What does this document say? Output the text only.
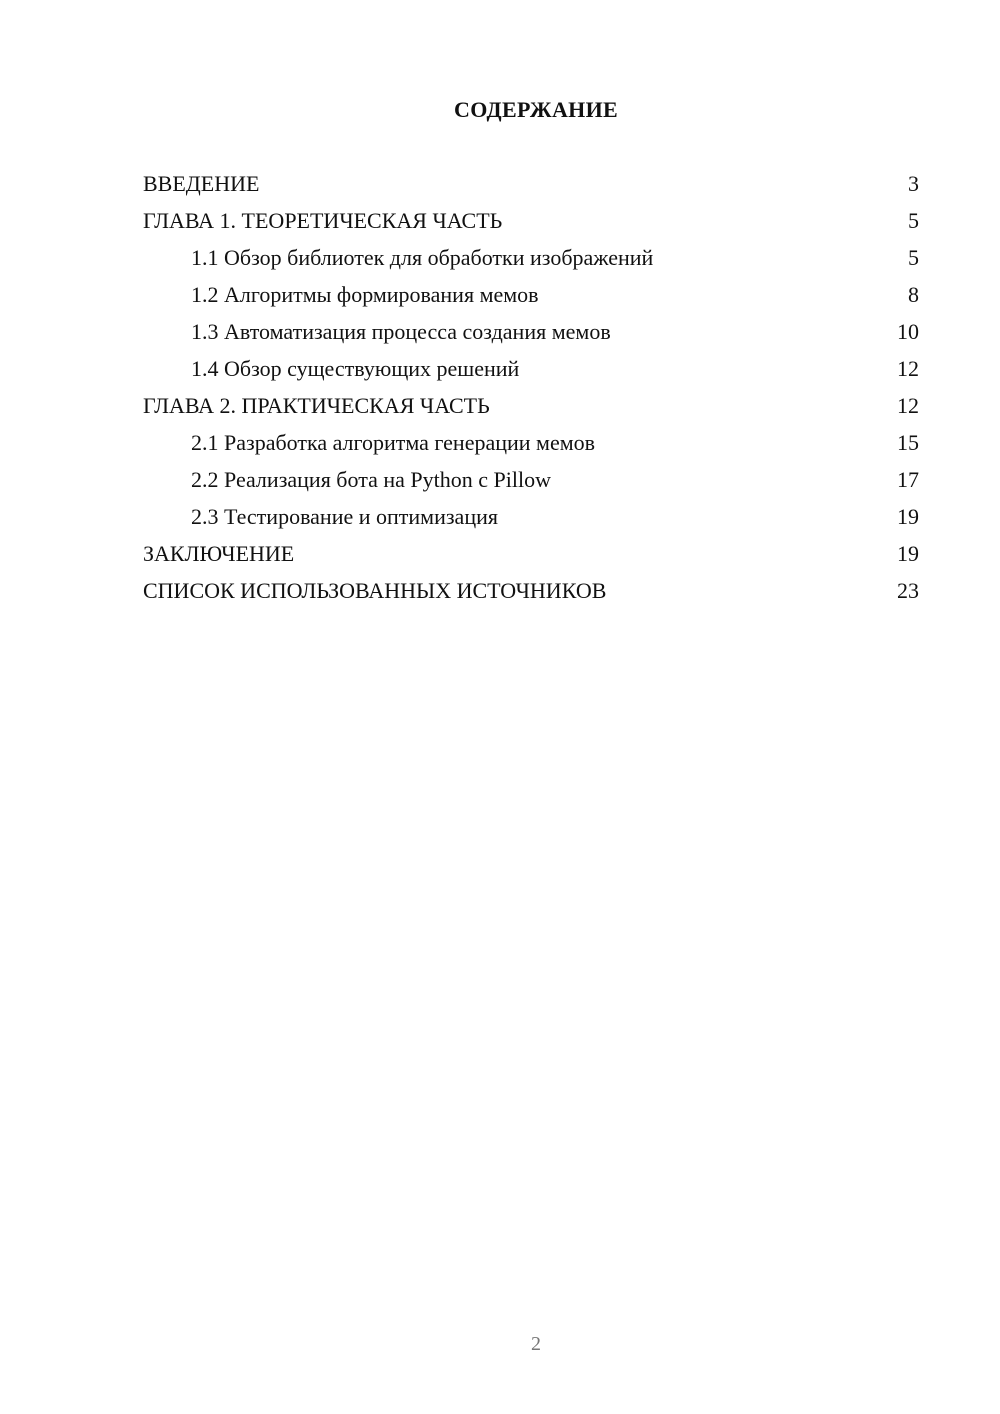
СОДЕРЖАНИЕ
ВВЕДЕНИЕ	3
ГЛАВА 1. ТЕОРЕТИЧЕСКАЯ ЧАСТЬ	5
1.1 Обзор библиотек для обработки изображений	5
1.2 Алгоритмы формирования мемов	8
1.3 Автоматизация процесса создания мемов	10
1.4 Обзор существующих решений	12
ГЛАВА 2. ПРАКТИЧЕСКАЯ ЧАСТЬ	12
2.1 Разработка алгоритма генерации мемов	15
2.2 Реализация бота на Python с Pillow	17
2.3 Тестирование и оптимизация	19
ЗАКЛЮЧЕНИЕ	19
СПИСОК ИСПОЛЬЗОВАННЫХ ИСТОЧНИКОВ	23
2
